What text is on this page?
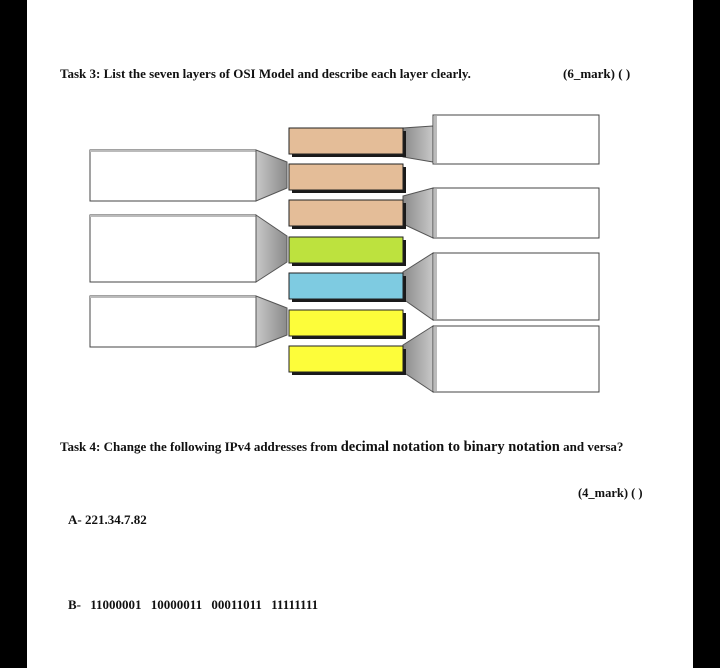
Task 3: List the seven layers of OSI Model and describe each layer clearly.	(6_mark) ( )
Task 4: Change the following IPv4 addresses from decimal notation to binary notation and versa?
(4_mark) ( )
A- 221.34.7.82
B- 11000001 10000011 00011011 11111111
